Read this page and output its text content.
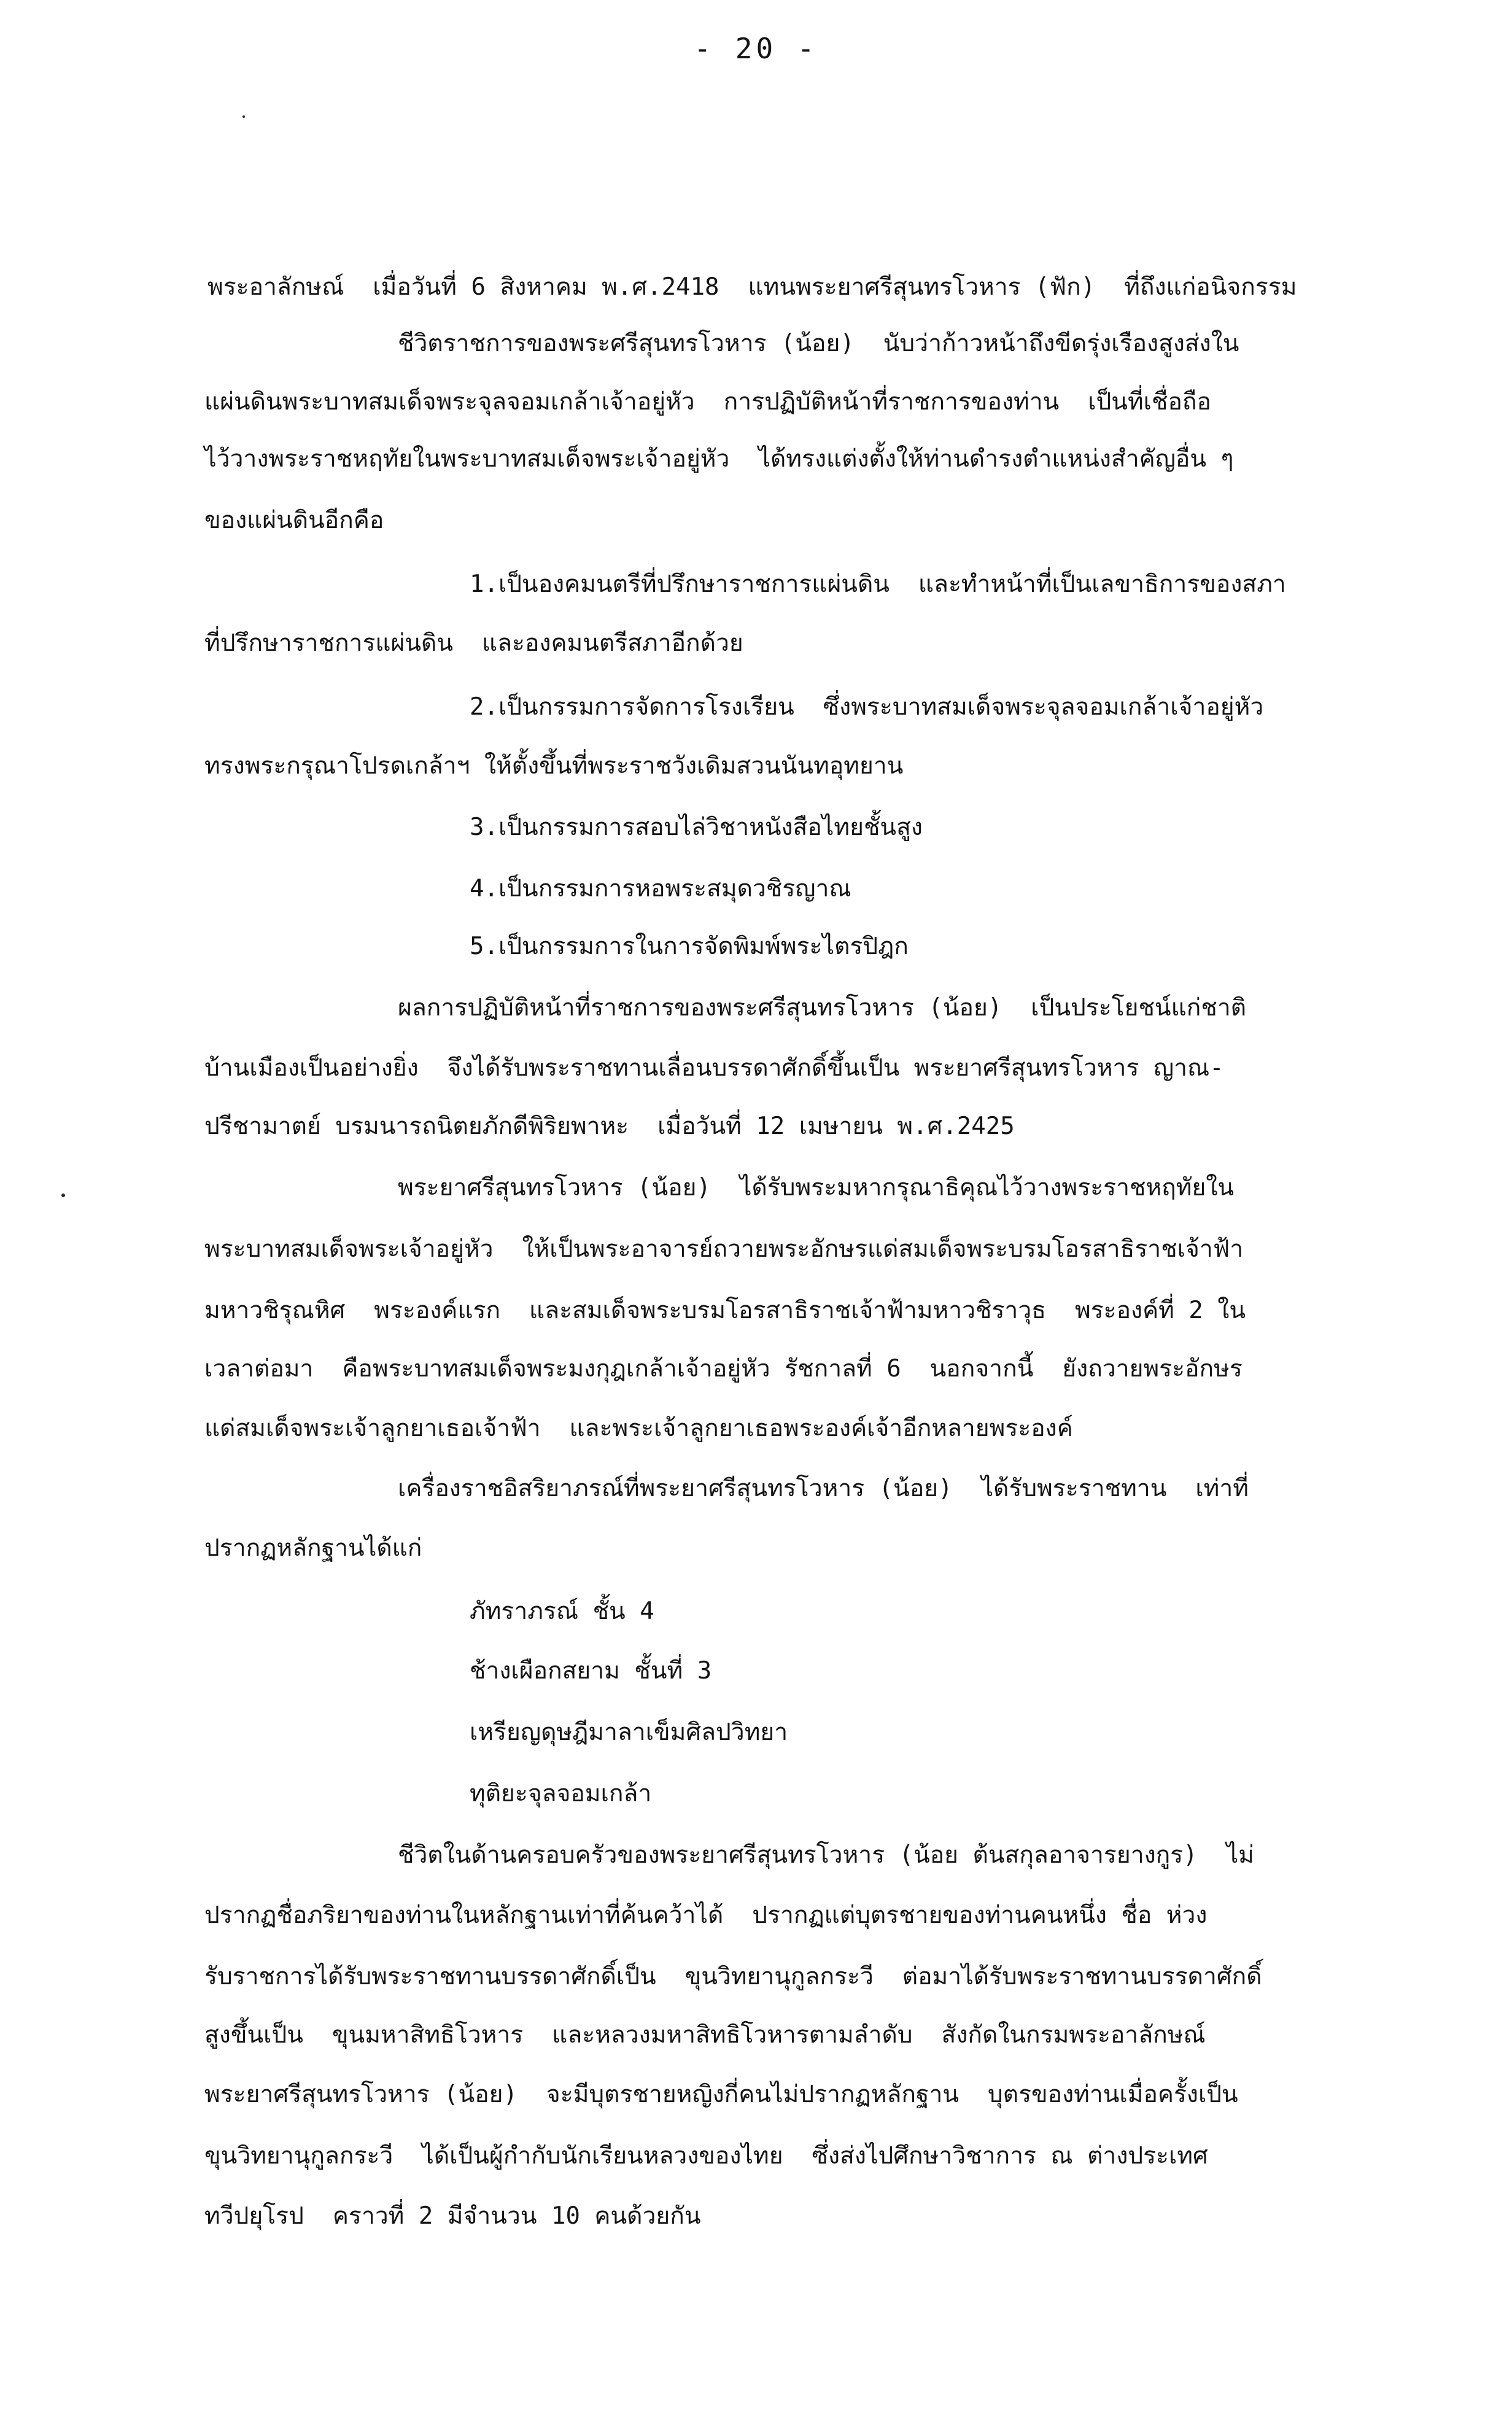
- 20 -
พระอาลักษณ์  เมื่อวันที่ 6 สิงหาคม พ.ศ.2418  แทนพระยาศรีสุนทรโวหาร (ฟัก)  ที่ถึงแก่อนิจกรรม
ชีวิตราชการของพระศรีสุนทรโวหาร (น้อย)  นับว่าก้าวหน้าถึงขีดรุ่งเรืองสูงส่งใน
แผ่นดินพระบาทสมเด็จพระจุลจอมเกล้าเจ้าอยู่หัว  การปฏิบัติหน้าที่ราชการของท่าน  เป็นที่เชื่อถือ
ไว้วางพระราชหฤทัยในพระบาทสมเด็จพระเจ้าอยู่หัว  ได้ทรงแต่งตั้งให้ท่านดำรงตำแหน่งสำคัญอื่น ๆ
ของแผ่นดินอีกคือ
1.เป็นองคมนตรีที่ปรึกษาราชการแผ่นดิน  และทำหน้าที่เป็นเลขาธิการของสภา
ที่ปรึกษาราชการแผ่นดิน  และองคมนตรีสภาอีกด้วย
2.เป็นกรรมการจัดการโรงเรียน  ซึ่งพระบาทสมเด็จพระจุลจอมเกล้าเจ้าอยู่หัว
ทรงพระกรุณาโปรดเกล้าฯ ให้ตั้งขึ้นที่พระราชวังเดิมสวนนันทอุทยาน
3.เป็นกรรมการสอบไล่วิชาหนังสือไทยชั้นสูง
4.เป็นกรรมการหอพระสมุดวชิรญาณ
5.เป็นกรรมการในการจัดพิมพ์พระไตรปิฎก
ผลการปฏิบัติหน้าที่ราชการของพระศรีสุนทรโวหาร (น้อย)  เป็นประโยชน์แก่ชาติ
บ้านเมืองเป็นอย่างยิ่ง  จึงได้รับพระราชทานเลื่อนบรรดาศักดิ์ขึ้นเป็น พระยาศรีสุนทรโวหาร ญาณ-
ปรีชามาตย์ บรมนารถนิตยภักดีพิริยพาหะ  เมื่อวันที่ 12 เมษายน พ.ศ.2425
พระยาศรีสุนทรโวหาร (น้อย)  ได้รับพระมหากรุณาธิคุณไว้วางพระราชหฤทัยใน
พระบาทสมเด็จพระเจ้าอยู่หัว  ให้เป็นพระอาจารย์ถวายพระอักษรแด่สมเด็จพระบรมโอรสาธิราชเจ้าฟ้า
มหาวชิรุณหิศ  พระองค์แรก  และสมเด็จพระบรมโอรสาธิราชเจ้าฟ้ามหาวชิราวุธ  พระองค์ที่ 2 ใน
เวลาต่อมา  คือพระบาทสมเด็จพระมงกุฎเกล้าเจ้าอยู่หัว รัชกาลที่ 6  นอกจากนี้  ยังถวายพระอักษร
แด่สมเด็จพระเจ้าลูกยาเธอเจ้าฟ้า  และพระเจ้าลูกยาเธอพระองค์เจ้าอีกหลายพระองค์
เครื่องราชอิสริยาภรณ์ที่พระยาศรีสุนทรโวหาร (น้อย)  ได้รับพระราชทาน  เท่าที่
ปรากฏหลักฐานได้แก่
ภัทราภรณ์ ชั้น 4
ช้างเผือกสยาม ชั้นที่ 3
เหรียญดุษฎีมาลาเข็มศิลปวิทยา
ทุติยะจุลจอมเกล้า
ชีวิตในด้านครอบครัวของพระยาศรีสุนทรโวหาร (น้อย ต้นสกุลอาจารยางกูร)  ไม่
ปรากฏชื่อภริยาของท่านในหลักฐานเท่าที่ค้นคว้าได้  ปรากฏแต่บุตรชายของท่านคนหนึ่ง ชื่อ ห่วง
รับราชการได้รับพระราชทานบรรดาศักดิ์เป็น  ขุนวิทยานุกูลกระวี  ต่อมาได้รับพระราชทานบรรดาศักดิ์
สูงขึ้นเป็น  ขุนมหาสิทธิโวหาร  และหลวงมหาสิทธิโวหารตามลำดับ  สังกัดในกรมพระอาลักษณ์
พระยาศรีสุนทรโวหาร (น้อย)  จะมีบุตรชายหญิงกี่คนไม่ปรากฏหลักฐาน  บุตรของท่านเมื่อครั้งเป็น
ขุนวิทยานุกูลกระวี  ได้เป็นผู้กำกับนักเรียนหลวงของไทย  ซึ่งส่งไปศึกษาวิชาการ ณ ต่างประเทศ
ทวีปยุโรป  คราวที่ 2 มีจำนวน 10 คนด้วยกัน
